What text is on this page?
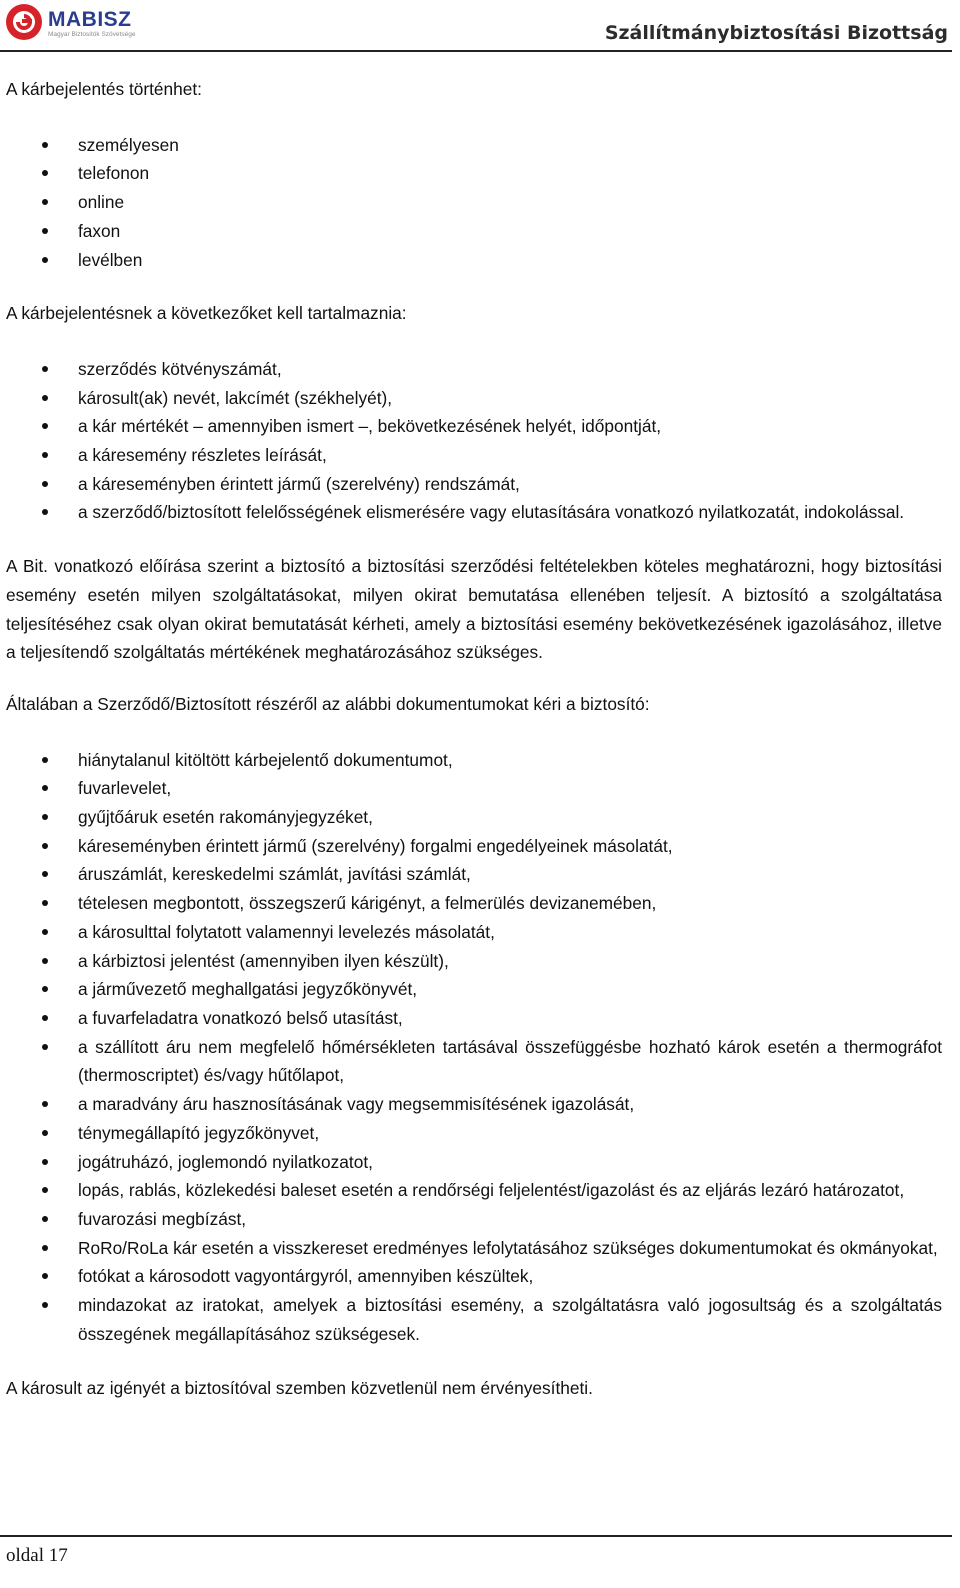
MABISZ
Magyar Biztosítók Szövetsége	Szállítmánybiztosítási Bizottság

A kárbejelentés történhet:

személyesen
telefonon
online
faxon
levélben

A kárbejelentésnek a következőket kell tartalmaznia:

szerződés kötvényszámát,
károsult(ak) nevét, lakcímét (székhelyét),
a kár mértékét – amennyiben ismert –, bekövetkezésének helyét, időpontját,
a káresemény részletes leírását,
a káreseményben érintett jármű (szerelvény) rendszámát,
a szerződő/biztosított felelősségének elismerésére vagy elutasítására vonatkozó nyilatkozatát, indokolással.

A Bit. vonatkozó előírása szerint a biztosító a biztosítási szerződési feltételekben köteles meghatározni, hogy biztosítási esemény esetén milyen szolgáltatásokat, milyen okirat bemutatása ellenében teljesít. A biztosító a szolgáltatása teljesítéséhez csak olyan okirat bemutatását kérheti, amely a biztosítási esemény bekövetkezésének igazolásához, illetve a teljesítendő szolgáltatás mértékének meghatározásához szükséges.

Általában a Szerződő/Biztosított részéről az alábbi dokumentumokat kéri a biztosító:

hiánytalanul kitöltött kárbejelentő dokumentumot,
fuvarlevelet,
gyűjtőáruk esetén rakományjegyzéket,
káreseményben érintett jármű (szerelvény) forgalmi engedélyeinek másolatát,
áruszámlát, kereskedelmi számlát, javítási számlát,
tételesen megbontott, összegszerű kárigényt, a felmerülés devizanemében,
a károsulttal folytatott valamennyi levelezés másolatát,
a kárbiztosi jelentést (amennyiben ilyen készült),
a járművezető meghallgatási jegyzőkönyvét,
a fuvarfeladatra vonatkozó belső utasítást,
a szállított áru nem megfelelő hőmérsékleten tartásával összefüggésbe hozható károk esetén a thermográfot (thermoscriptet) és/vagy hűtőlapot,
a maradvány áru hasznosításának vagy megsemmisítésének igazolását,
ténymegállapító jegyzőkönyvet,
jogátruházó, joglemondó nyilatkozatot,
lopás, rablás, közlekedési baleset esetén a rendőrségi feljelentést/igazolást és az eljárás lezáró határozatot,
fuvarozási megbízást,
RoRo/RoLa kár esetén a visszkereset eredményes lefolytatásához szükséges dokumentumokat és okmányokat,
fotókat a károsodott vagyontárgyról, amennyiben készültek,
mindazokat az iratokat, amelyek a biztosítási esemény, a szolgáltatásra való jogosultság és a szolgáltatás összegének megállapításához szükségesek.

A károsult az igényét a biztosítóval szemben közvetlenül nem érvényesítheti.

oldal 17
